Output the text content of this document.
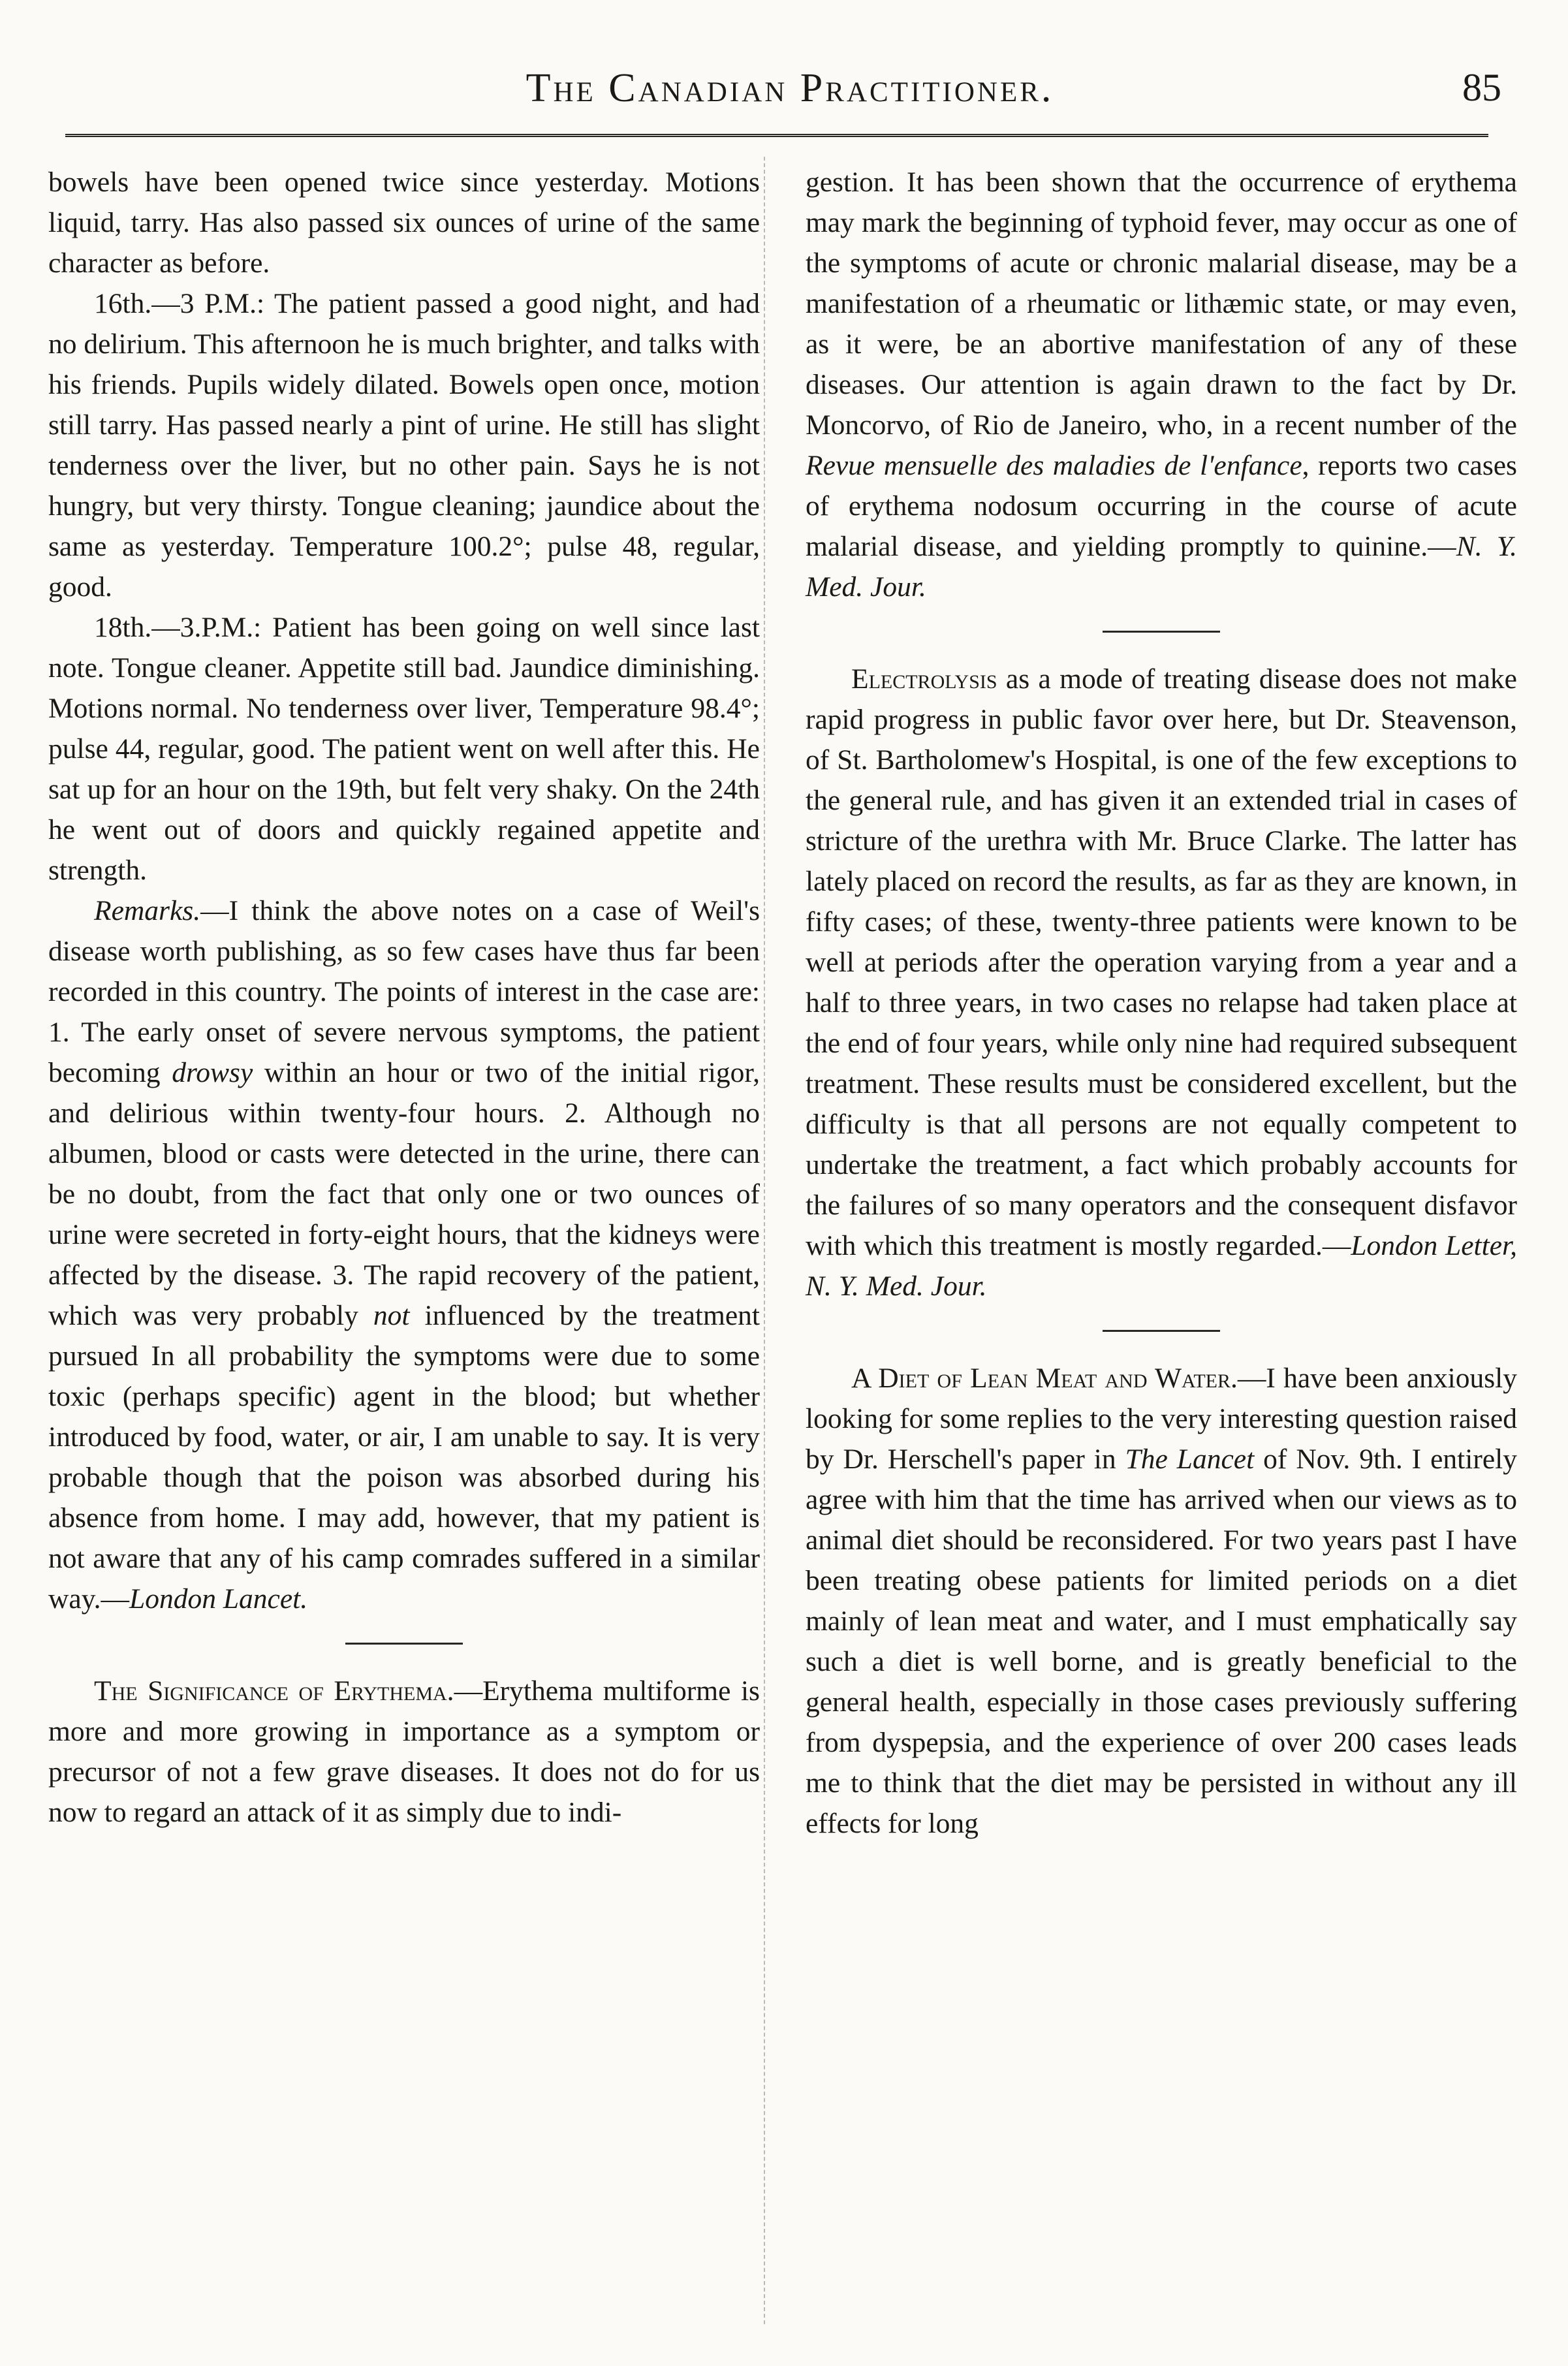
The Canadian Practitioner.	85

bowels have been opened twice since yesterday. Motions liquid, tarry. Has also passed six ounces of urine of the same character as before.

16th.—3 P.M.: The patient passed a good night, and had no delirium. This afternoon he is much brighter, and talks with his friends. Pupils widely dilated. Bowels open once, motion still tarry. Has passed nearly a pint of urine. He still has slight tenderness over the liver, but no other pain. Says he is not hungry, but very thirsty. Tongue cleaning; jaundice about the same as yesterday. Temperature 100.2°; pulse 48, regular, good.

18th.—3.P.M.: Patient has been going on well since last note. Tongue cleaner. Appetite still bad. Jaundice diminishing. Motions normal. No tenderness over liver, Temperature 98.4°; pulse 44, regular, good. The patient went on well after this. He sat up for an hour on the 19th, but felt very shaky. On the 24th he went out of doors and quickly regained appetite and strength.

Remarks.—I think the above notes on a case of Weil's disease worth publishing, as so few cases have thus far been recorded in this country. The points of interest in the case are: 1. The early onset of severe nervous symptoms, the patient becoming drowsy within an hour or two of the initial rigor, and delirious within twenty-four hours. 2. Although no albumen, blood or casts were detected in the urine, there can be no doubt, from the fact that only one or two ounces of urine were secreted in forty-eight hours, that the kidneys were affected by the disease. 3. The rapid recovery of the patient, which was very probably not influenced by the treatment pursued In all probability the symptoms were due to some toxic (perhaps specific) agent in the blood; but whether introduced by food, water, or air, I am unable to say. It is very probable though that the poison was absorbed during his absence from home. I may add, however, that my patient is not aware that any of his camp comrades suffered in a similar way.—London Lancet.

The Significance of Erythema.—Erythema multiforme is more and more growing in importance as a symptom or precursor of not a few grave diseases. It does not do for us now to regard an attack of it as simply due to indi-

gestion. It has been shown that the occurrence of erythema may mark the beginning of typhoid fever, may occur as one of the symptoms of acute or chronic malarial disease, may be a manifestation of a rheumatic or lithæmic state, or may even, as it were, be an abortive manifestation of any of these diseases. Our attention is again drawn to the fact by Dr. Moncorvo, of Rio de Janeiro, who, in a recent number of the Revue mensuelle des maladies de l'enfance, reports two cases of erythema nodosum occurring in the course of acute malarial disease, and yielding promptly to quinine.—N. Y. Med. Jour.

Electrolysis as a mode of treating disease does not make rapid progress in public favor over here, but Dr. Steavenson, of St. Bartholomew's Hospital, is one of the few exceptions to the general rule, and has given it an extended trial in cases of stricture of the urethra with Mr. Bruce Clarke. The latter has lately placed on record the results, as far as they are known, in fifty cases; of these, twenty-three patients were known to be well at periods after the operation varying from a year and a half to three years, in two cases no relapse had taken place at the end of four years, while only nine had required subsequent treatment. These results must be considered excellent, but the difficulty is that all persons are not equally competent to undertake the treatment, a fact which probably accounts for the failures of so many operators and the consequent disfavor with which this treatment is mostly regarded.—London Letter, N. Y. Med. Jour.

A Diet of Lean Meat and Water.—I have been anxiously looking for some replies to the very interesting question raised by Dr. Herschell's paper in The Lancet of Nov. 9th. I entirely agree with him that the time has arrived when our views as to animal diet should be reconsidered. For two years past I have been treating obese patients for limited periods on a diet mainly of lean meat and water, and I must emphatically say such a diet is well borne, and is greatly beneficial to the general health, especially in those cases previously suffering from dyspepsia, and the experience of over 200 cases leads me to think that the diet may be persisted in without any ill effects for long
